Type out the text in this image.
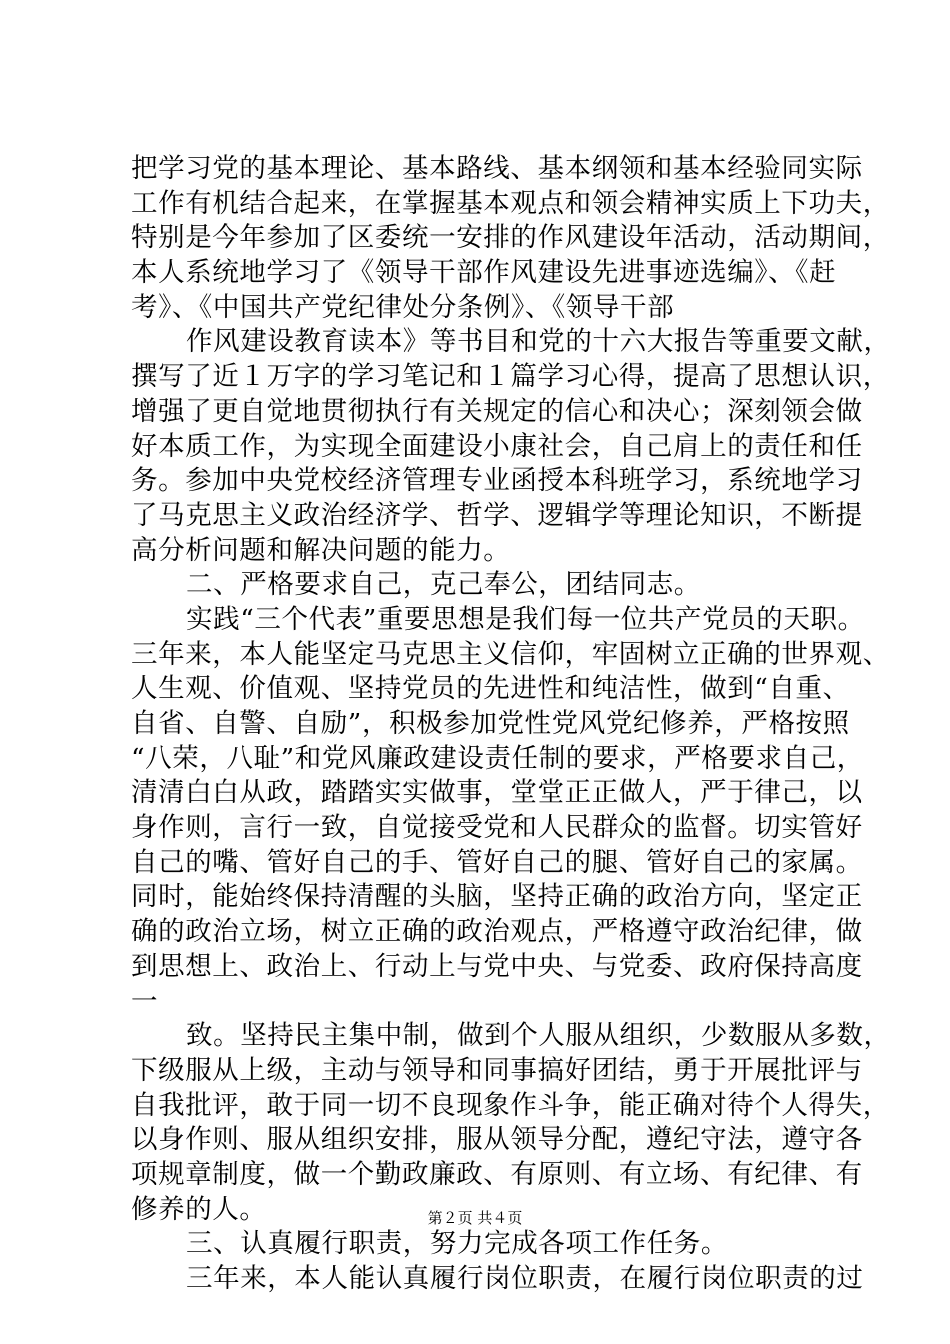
把学习党的基本理论、基本路线、基本纲领和基本经验同实际
工作有机结合起来，在掌握基本观点和领会精神实质上下功夫，
特别是今年参加了区委统一安排的作风建设年活动，活动期间，
本人系统地学习了《领导干部作风建设先进事迹选编》、《赶
考》、《中国共产党纪律处分条例》、《领导干部
作风建设教育读本》等书目和党的十六大报告等重要文献，
撰写了近１万字的学习笔记和１篇学习心得，提高了思想认识，
增强了更自觉地贯彻执行有关规定的信心和决心；深刻领会做
好本质工作，为实现全面建设小康社会，自己肩上的责任和任
务。参加中央党校经济管理专业函授本科班学习，系统地学习
了马克思主义政治经济学、哲学、逻辑学等理论知识，不断提
高分析问题和解决问题的能力。
二、严格要求自己，克己奉公，团结同志。
实践“三个代表”重要思想是我们每一位共产党员的天职。
三年来，本人能坚定马克思主义信仰，牢固树立正确的世界观、
人生观、价值观、坚持党员的先进性和纯洁性，做到“自重、
自省、自警、自励”，积极参加党性党风党纪修养，严格按照
“八荣，八耻”和党风廉政建设责任制的要求，严格要求自己，
清清白白从政，踏踏实实做事，堂堂正正做人，严于律己，以
身作则，言行一致，自觉接受党和人民群众的监督。切实管好
自己的嘴、管好自己的手、管好自己的腿、管好自己的家属。
同时，能始终保持清醒的头脑，坚持正确的政治方向，坚定正
确的政治立场，树立正确的政治观点，严格遵守政治纪律，做
到思想上、政治上、行动上与党中央、与党委、政府保持高度
一
致。坚持民主集中制，做到个人服从组织，少数服从多数，
下级服从上级，主动与领导和同事搞好团结，勇于开展批评与
自我批评，敢于同一切不良现象作斗争，能正确对待个人得失，
以身作则、服从组织安排，服从领导分配，遵纪守法，遵守各
项规章制度，做一个勤政廉政、有原则、有立场、有纪律、有
修养的人。
三、认真履行职责，努力完成各项工作任务。
三年来，本人能认真履行岗位职责，在履行岗位职责的过
第２页 共４页
